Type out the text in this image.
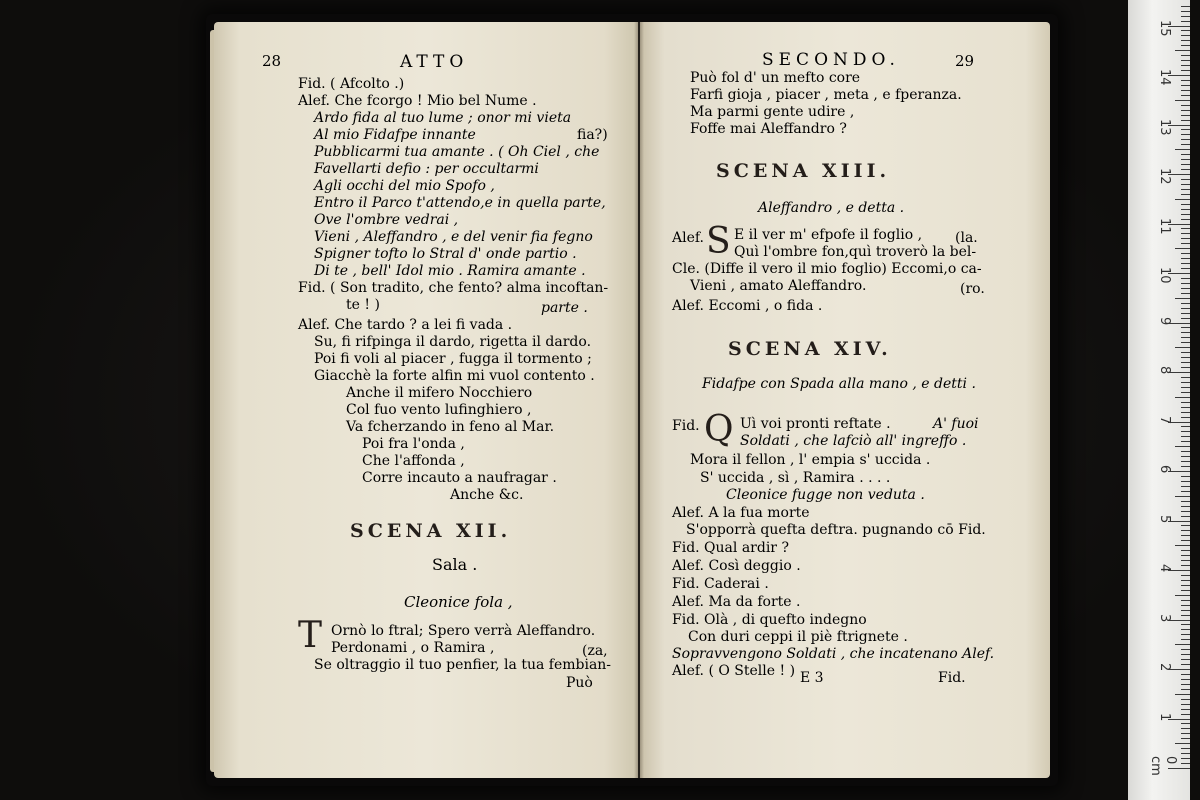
28	ATTO
Fid. ( Afcolto .)
Alef. Che fcorgo ! Mio bel Nume .
Ardo fida al tuo lume ; onor mi vieta
Al mio Fidafpe innante	fia?)
Pubblicarmi tua amante . ( Oh Ciel , che
Favellarti defio : per occultarmi
Agli occhi del mio Spofo ,
Entro il Parco t'attendo,e in quella parte,
Ove l'ombre vedrai ,
Vieni , Aleffandro , e del venir fia fegno
Spigner tofto lo Stral d' onde partio .
Di te , bell' Idol mio . Ramira amante .
Fid. ( Son tradito, che fento? alma incoftan-
te ! )	parte .
Alef. Che tardo ? a lei fi vada .
Su, fi rifpinga il dardo, rigetta il dardo.
Poi fi voli al piacer , fugga il tormento ;
Giacchè la forte alfin mi vuol contento .
Anche il mifero Nocchiero
Col fuo vento lufinghiero ,
Va fcherzando in feno al Mar.
Poi fra l'onda ,
Che l'affonda ,
Corre incauto a naufragar .
Anche &c.
SCENA XII.
Sala .
Cleonice fola ,
T Ornò lo ftral; Spero verrà Aleffandro.
Perdonami , o Ramira ,	(za,
Se oltraggio il tuo penfier, la tua fembian-
Può
SECONDO.	29
Può fol d' un mefto core
Farfi gioja , piacer , meta , e fperanza.
Ma parmi gente udire ,
Foffe mai Aleffandro ?
SCENA XIII.
Aleffandro , e detta .
Alef. S E il ver m' efpofe il foglio , (la.
Quì l'ombre fon,quì troverò la bel-
Cle. (Diffe il vero il mio foglio) Eccomi,o ca-
Vieni , amato Aleffandro.	(ro.
Alef. Eccomi , o fida .
SCENA XIV.
Fidafpe con Spada alla mano , e detti .
Fid. Q Uì voi pronti reftate .	A' fuoi
Soldati , che lafciò all' ingreffo .
Mora il fellon , l' empia s' uccida .
S' uccida , sì , Ramira . . . .
Cleonice fugge non veduta .
Alef. A la fua morte
S'opporrà quefta deftra. pugnando cō Fid.
Fid. Qual ardir ?
Alef. Così deggio .
Fid. Caderai .
Alef. Ma da forte .
Fid. Olà , di quefto indegno
Con duri ceppi il piè ftrignete .
Sopravvengono Soldati , che incatenano Alef.
Alef. ( O Stelle ! ) E 3	Fid.
1
2
3
4
5
6
7
8
9
10
11
12
13
14
15
0 cm
